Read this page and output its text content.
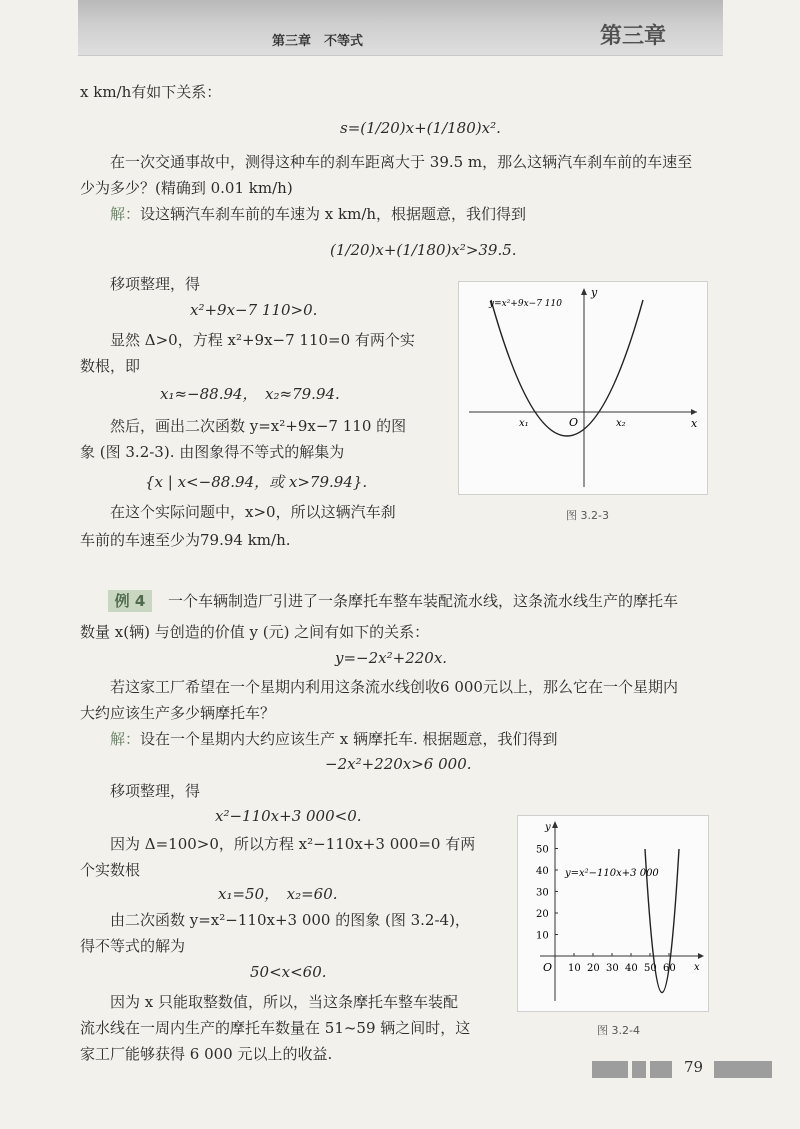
第三章　不等式	第三章
x km/h有如下关系：
s=(1/20)x+(1/180)x².
在一次交通事故中，测得这种车的刹车距离大于 39.5 m，那么这辆汽车刹车前的车速至
少为多少？(精确到 0.01 km/h)
解：设这辆汽车刹车前的车速为 x km/h，根据题意，我们得到
(1/20)x+(1/180)x²>39.5.
移项整理，得
x²+9x−7 110>0.
显然 Δ>0，方程 x²+9x−7 110=0 有两个实
数根，即
x₁≈−88.94，　x₂≈79.94.
然后，画出二次函数 y=x²+9x−7 110 的图
象 (图 3.2-3). 由图象得不等式的解集为
{x | x<−88.94，或 x>79.94}.
在这个实际问题中，x>0，所以这辆汽车刹
车前的车速至少为79.94 km/h.
y=x²+9x−7 110
y
x
O
x₁	x₂
图 3.2-3
例 4	一个车辆制造厂引进了一条摩托车整车装配流水线，这条流水线生产的摩托车
数量 x(辆) 与创造的价值 y (元) 之间有如下的关系：
y=−2x²+220x.
若这家工厂希望在一个星期内利用这条流水线创收6 000元以上，那么它在一个星期内
大约应该生产多少辆摩托车？
解：设在一个星期内大约应该生产 x 辆摩托车. 根据题意，我们得到
−2x²+220x>6 000.
移项整理，得
x²−110x+3 000<0.
因为 Δ=100>0，所以方程 x²−110x+3 000=0 有两
个实数根
x₁=50，　x₂=60.
由二次函数 y=x²−110x+3 000 的图象 (图 3.2-4)，
得不等式的解为
50<x<60.
因为 x 只能取整数值，所以，当这条摩托车整车装配
流水线在一周内生产的摩托车数量在 51~59 辆之间时，这
家工厂能够获得 6 000 元以上的收益.
10 20 30 40 50 60
10
20
30
40
50
y=x²−110x+3 000
y
x
O
图 3.2-4
79
